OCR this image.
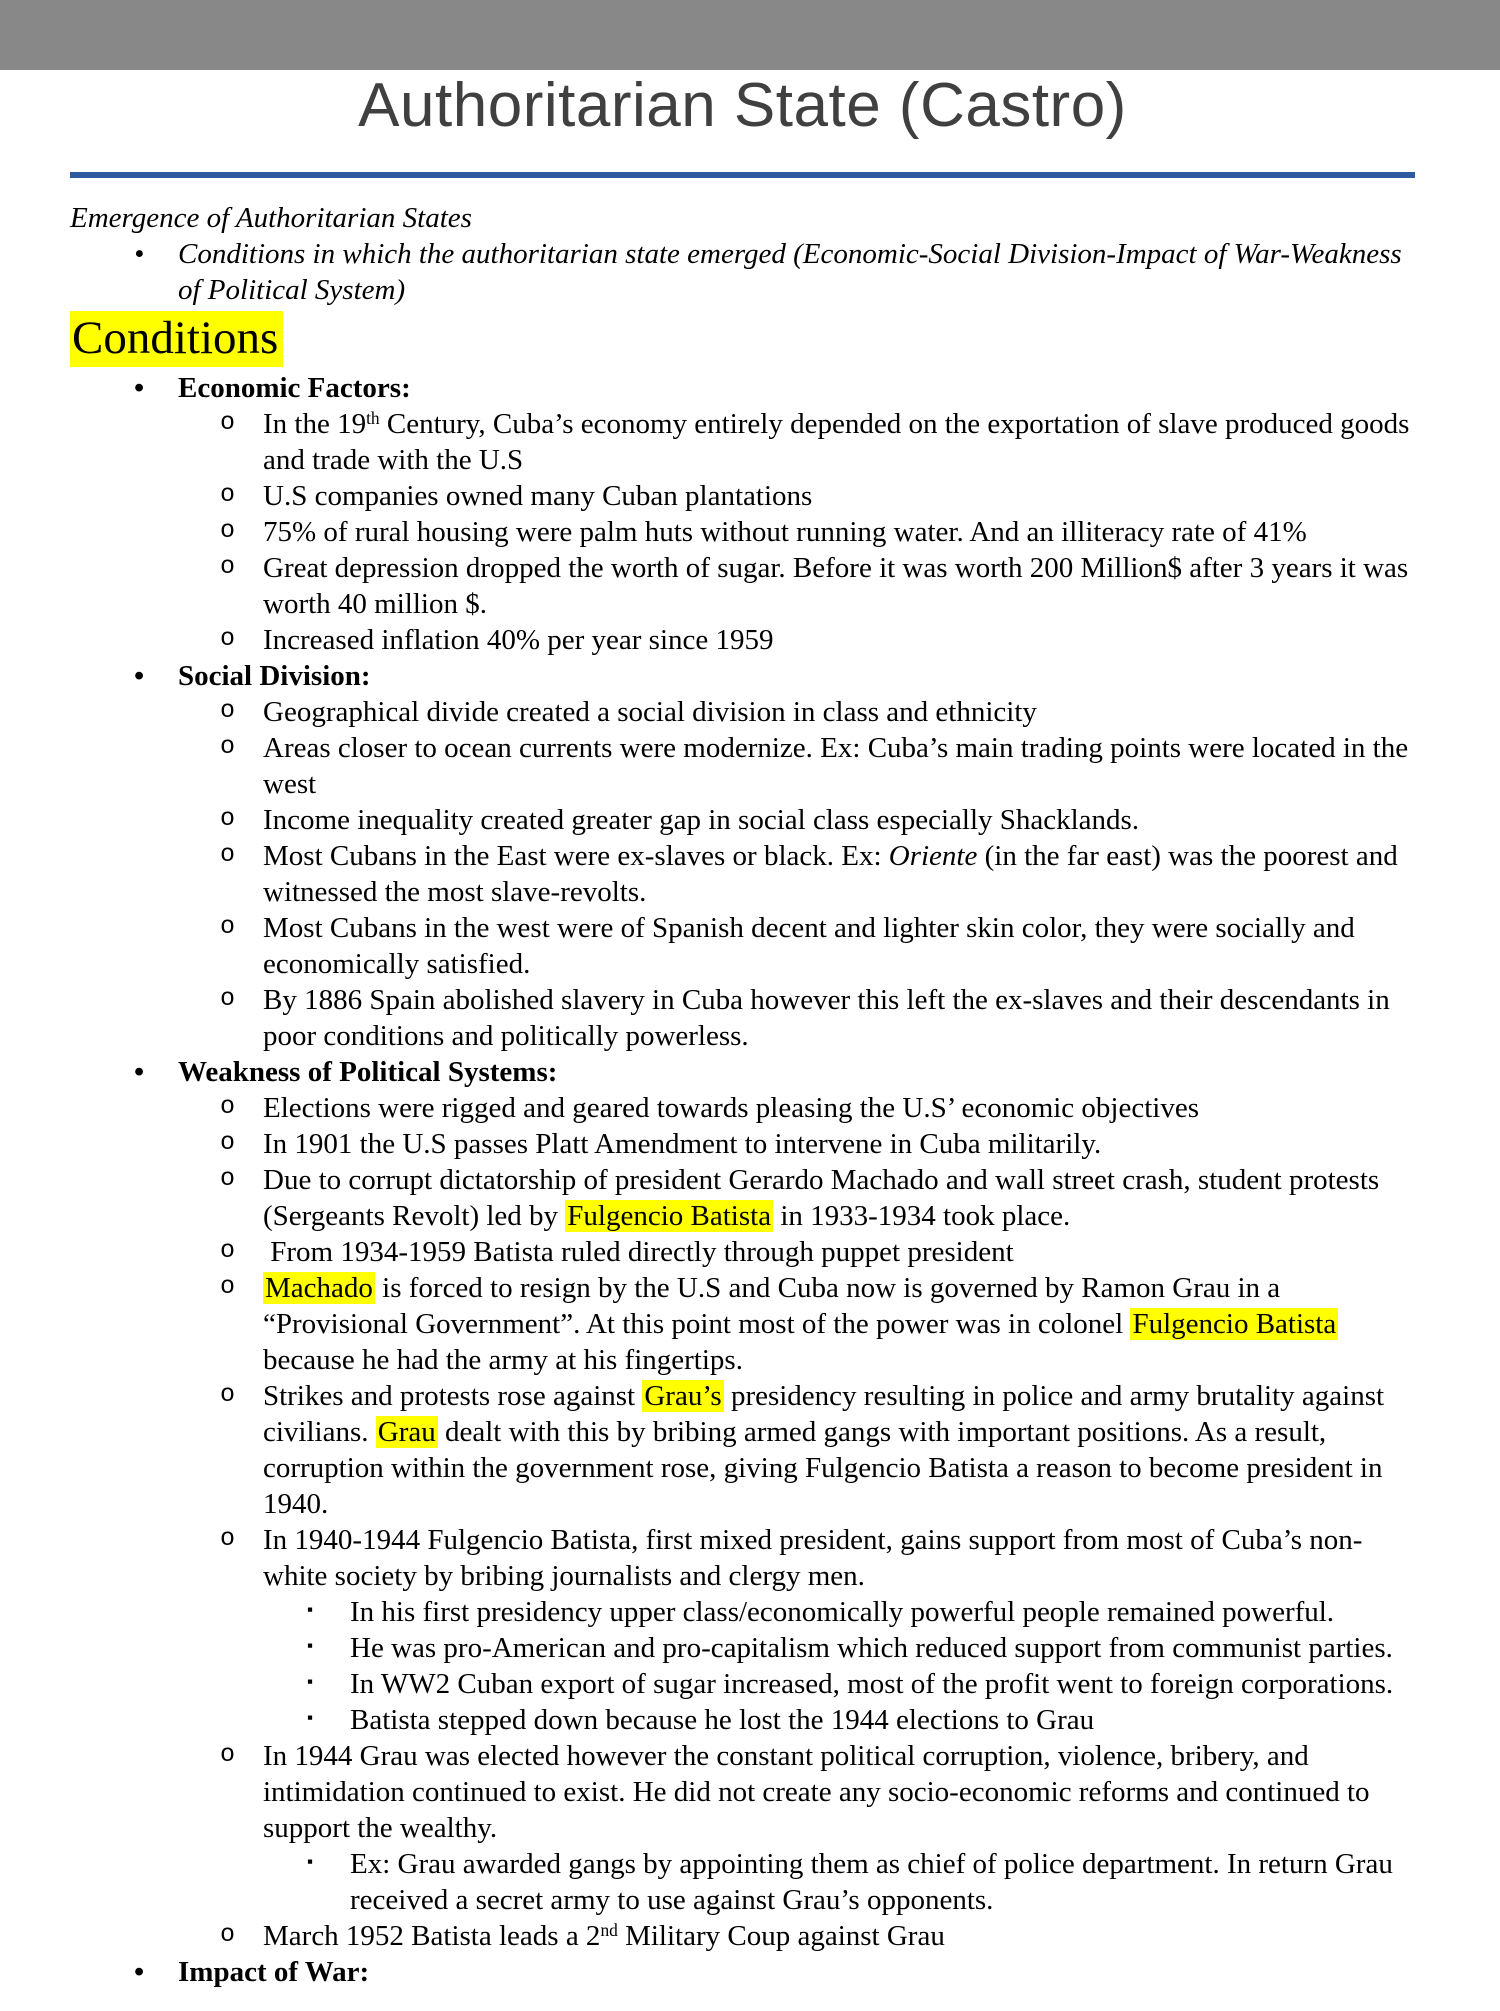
Authoritarian State (Castro)
Emergence of Authoritarian States
• Conditions in which the authoritarian state emerged (Economic-Social Division-Impact of War-Weakness of Political System)
Conditions
• Economic Factors:
o In the 19th Century, Cuba’s economy entirely depended on the exportation of slave produced goods and trade with the U.S
o U.S companies owned many Cuban plantations
o 75% of rural housing were palm huts without running water. And an illiteracy rate of 41%
o Great depression dropped the worth of sugar. Before it was worth 200 Million$ after 3 years it was worth 40 million $.
o Increased inflation 40% per year since 1959
• Social Division:
o Geographical divide created a social division in class and ethnicity
o Areas closer to ocean currents were modernize. Ex: Cuba’s main trading points were located in the west
o Income inequality created greater gap in social class especially Shacklands.
o Most Cubans in the East were ex-slaves or black. Ex: Oriente (in the far east) was the poorest and witnessed the most slave-revolts.
o Most Cubans in the west were of Spanish decent and lighter skin color, they were socially and economically satisfied.
o By 1886 Spain abolished slavery in Cuba however this left the ex-slaves and their descendants in poor conditions and politically powerless.
• Weakness of Political Systems:
o Elections were rigged and geared towards pleasing the U.S’ economic objectives
o In 1901 the U.S passes Platt Amendment to intervene in Cuba militarily.
o Due to corrupt dictatorship of president Gerardo Machado and wall street crash, student protests (Sergeants Revolt) led by Fulgencio Batista in 1933-1934 took place.
o From 1934-1959 Batista ruled directly through puppet president
o Machado is forced to resign by the U.S and Cuba now is governed by Ramon Grau in a “Provisional Government”. At this point most of the power was in colonel Fulgencio Batista because he had the army at his fingertips.
o Strikes and protests rose against Grau’s presidency resulting in police and army brutality against civilians. Grau dealt with this by bribing armed gangs with important positions. As a result, corruption within the government rose, giving Fulgencio Batista a reason to become president in 1940.
o In 1940-1944 Fulgencio Batista, first mixed president, gains support from most of Cuba’s non-white society by bribing journalists and clergy men.
▪ In his first presidency upper class/economically powerful people remained powerful.
▪ He was pro-American and pro-capitalism which reduced support from communist parties.
▪ In WW2 Cuban export of sugar increased, most of the profit went to foreign corporations.
▪ Batista stepped down because he lost the 1944 elections to Grau
o In 1944 Grau was elected however the constant political corruption, violence, bribery, and intimidation continued to exist. He did not create any socio-economic reforms and continued to support the wealthy.
▪ Ex: Grau awarded gangs by appointing them as chief of police department. In return Grau received a secret army to use against Grau’s opponents.
o March 1952 Batista leads a 2nd Military Coup against Grau
• Impact of War:
